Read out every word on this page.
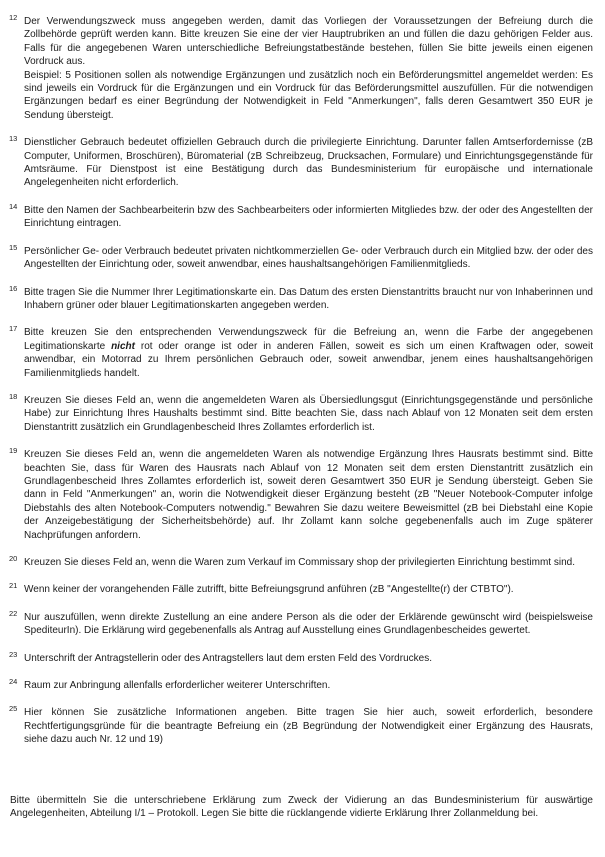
12 Der Verwendungszweck muss angegeben werden, damit das Vorliegen der Voraussetzungen der Befreiung durch die Zollbehörde geprüft werden kann. Bitte kreuzen Sie eine der vier Hauptrubriken an und füllen die dazu gehörigen Felder aus. Falls für die angegebenen Waren unterschiedliche Befreiungstatbestände bestehen, füllen Sie bitte jeweils einen eigenen Vordruck aus.
Beispiel: 5 Positionen sollen als notwendige Ergänzungen und zusätzlich noch ein Beförderungsmittel angemeldet werden: Es sind jeweils ein Vordruck für die Ergänzungen und ein Vordruck für das Beförderungsmittel auszufüllen. Für die notwendigen Ergänzungen bedarf es einer Begründung der Notwendigkeit in Feld "Anmerkungen", falls deren Gesamtwert 350 EUR je Sendung übersteigt.
13 Dienstlicher Gebrauch bedeutet offiziellen Gebrauch durch die privilegierte Einrichtung. Darunter fallen Amtserfordernisse (zB Computer, Uniformen, Broschüren), Büromaterial (zB Schreibzeug, Drucksachen, Formulare) und Einrichtungsgegenstände für Amtsräume. Für Dienstpost ist eine Bestätigung durch das Bundesministerium für europäische und internationale Angelegenheiten nicht erforderlich.
14 Bitte den Namen der Sachbearbeiterin bzw des Sachbearbeiters oder informierten Mitgliedes bzw. der oder des Angestellten der Einrichtung eintragen.
15 Persönlicher Ge- oder Verbrauch bedeutet privaten nichtkommerziellen Ge- oder Verbrauch durch ein Mitglied bzw. der oder des Angestellten der Einrichtung oder, soweit anwendbar, eines haushaltsangehörigen Familienmitglieds.
16 Bitte tragen Sie die Nummer Ihrer Legitimationskarte ein. Das Datum des ersten Dienstantritts braucht nur von Inhaberinnen und Inhabern grüner oder blauer Legitimationskarten angegeben werden.
17 Bitte kreuzen Sie den entsprechenden Verwendungszweck für die Befreiung an, wenn die Farbe der angegebenen Legitimationskarte nicht rot oder orange ist oder in anderen Fällen, soweit es sich um einen Kraftwagen oder, soweit anwendbar, ein Motorrad zu Ihrem persönlichen Gebrauch oder, soweit anwendbar, jenem eines haushaltsangehörigen Familienmitglieds handelt.
18 Kreuzen Sie dieses Feld an, wenn die angemeldeten Waren als Übersiedlungsgut (Einrichtungsgegenstände und persönliche Habe) zur Einrichtung Ihres Haushalts bestimmt sind. Bitte beachten Sie, dass nach Ablauf von 12 Monaten seit dem ersten Dienstantritt zusätzlich ein Grundlagenbescheid Ihres Zollamtes erforderlich ist.
19 Kreuzen Sie dieses Feld an, wenn die angemeldeten Waren als notwendige Ergänzung Ihres Hausrats bestimmt sind. Bitte beachten Sie, dass für Waren des Hausrats nach Ablauf von 12 Monaten seit dem ersten Dienstantritt zusätzlich ein Grundlagenbescheid Ihres Zollamtes erforderlich ist, soweit deren Gesamtwert 350 EUR je Sendung übersteigt. Geben Sie dann in Feld "Anmerkungen" an, worin die Notwendigkeit dieser Ergänzung besteht (zB "Neuer Notebook-Computer infolge Diebstahls des alten Notebook-Computers notwendig." Bewahren Sie dazu weitere Beweismittel (zB bei Diebstahl eine Kopie der Anzeigebestätigung der Sicherheitsbehörde) auf. Ihr Zollamt kann solche gegebenenfalls auch im Zuge späterer Nachprüfungen anfordern.
20 Kreuzen Sie dieses Feld an, wenn die Waren zum Verkauf im Commissary shop der privilegierten Einrichtung bestimmt sind.
21 Wenn keiner der vorangehenden Fälle zutrifft, bitte Befreiungsgrund anführen (zB "Angestellte(r) der CTBTO").
22 Nur auszufüllen, wenn direkte Zustellung an eine andere Person als die oder der Erklärende gewünscht wird (beispielsweise SpediteurIn). Die Erklärung wird gegebenenfalls als Antrag auf Ausstellung eines Grundlagenbescheides gewertet.
23 Unterschrift der Antragstellerin oder des Antragstellers laut dem ersten Feld des Vordruckes.
24 Raum zur Anbringung allenfalls erforderlicher weiterer Unterschriften.
25 Hier können Sie zusätzliche Informationen angeben. Bitte tragen Sie hier auch, soweit erforderlich, besondere Rechtfertigungsgründe für die beantragte Befreiung ein (zB Begründung der Notwendigkeit einer Ergänzung des Hausrats, siehe dazu auch Nr. 12 und 19)

Bitte übermitteln Sie die unterschriebene Erklärung zum Zweck der Vidierung an das Bundesministerium für auswärtige Angelegenheiten, Abteilung I/1 – Protokoll. Legen Sie bitte die rücklangende vidierte Erklärung Ihrer Zollanmeldung bei.
